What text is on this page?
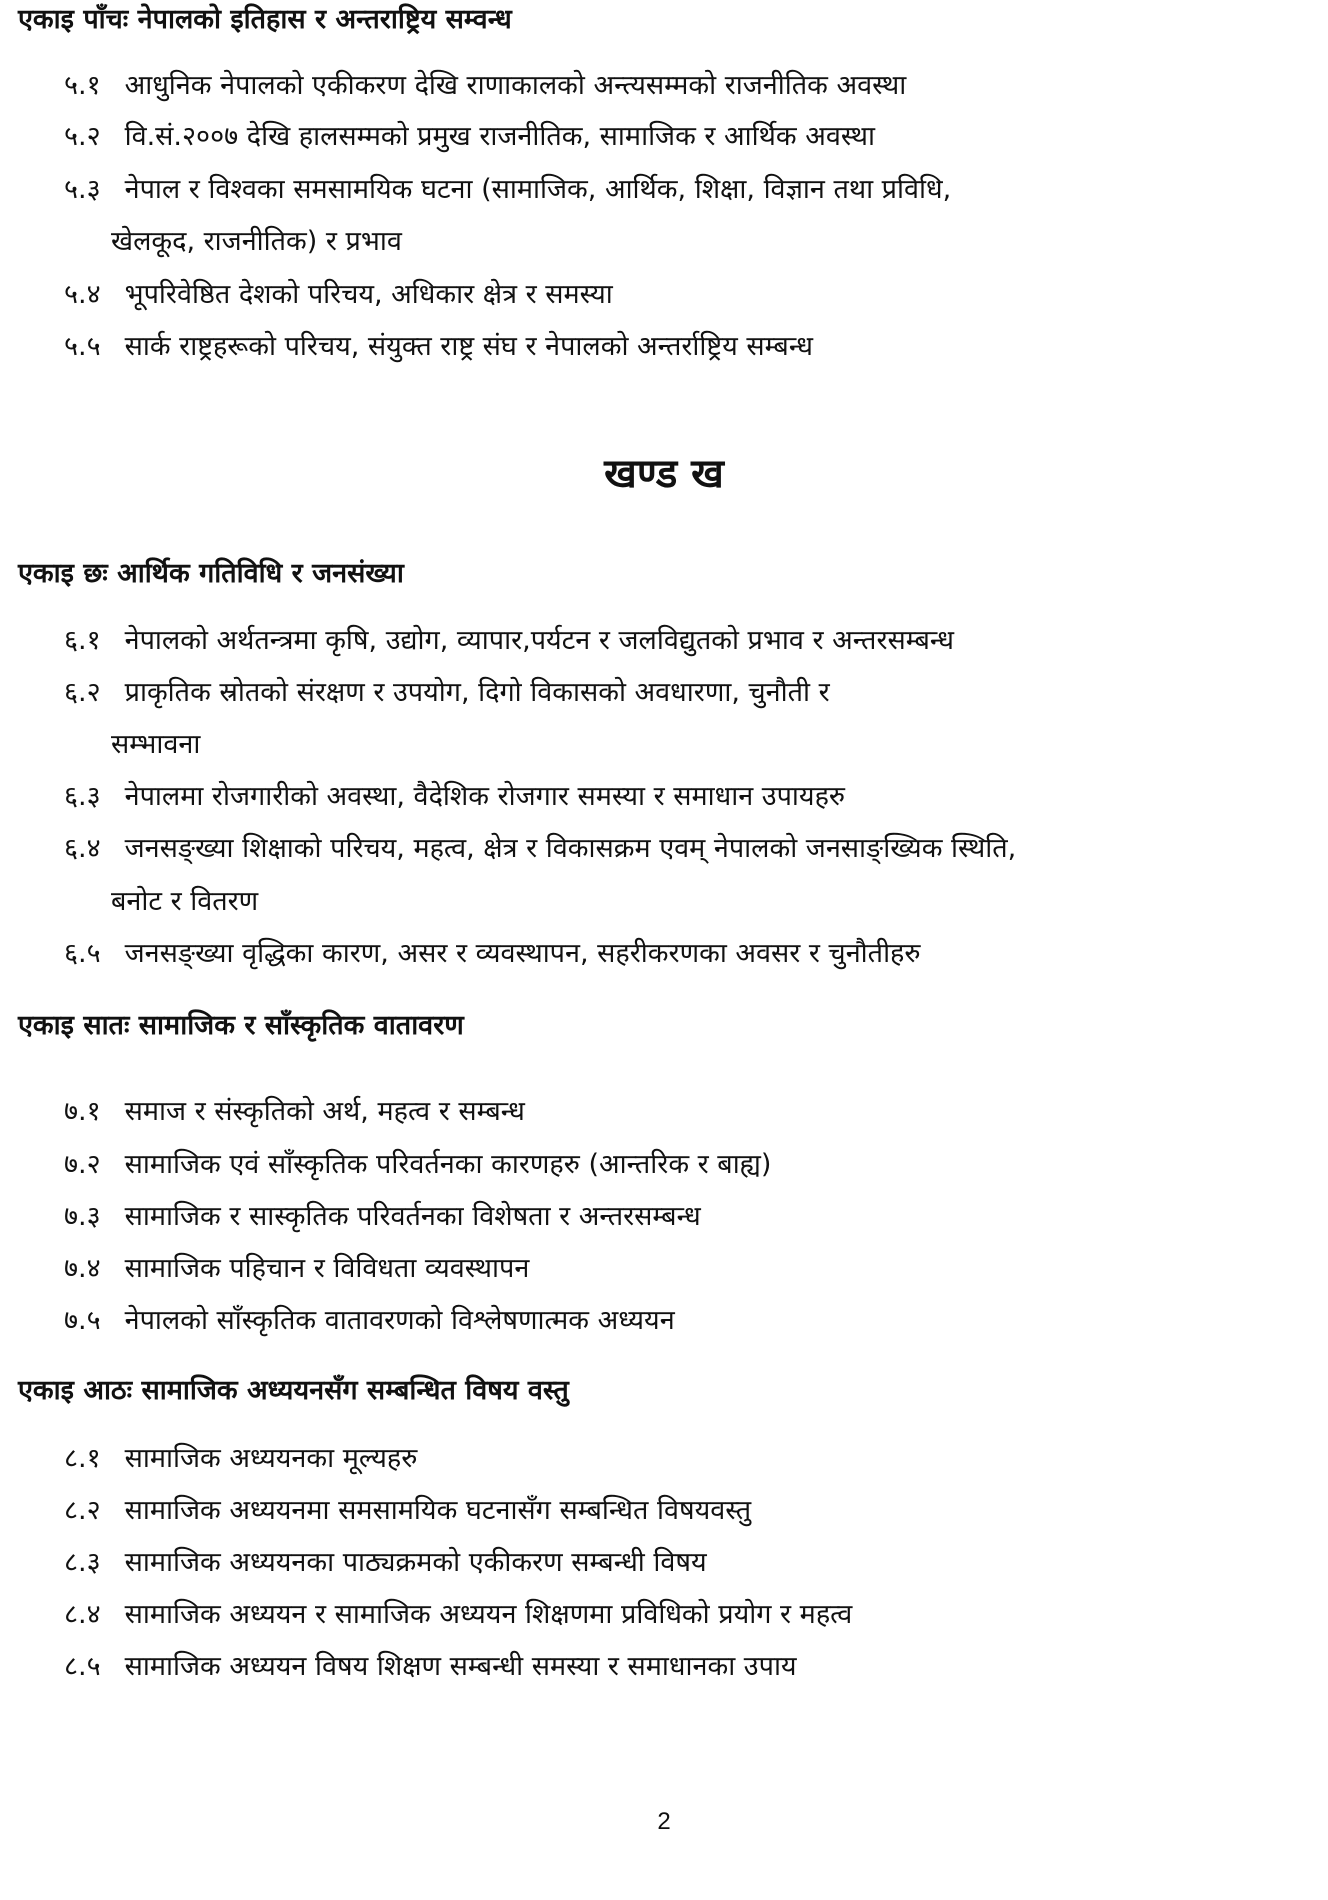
एकाइ पाँचः नेपालको इतिहास र अन्तराष्ट्रिय सम्वन्ध
५.१ आधुनिक नेपालको एकीकरण देखि राणाकालको अन्त्यसम्मको राजनीतिक अवस्था
५.२ वि.सं.२००७ देखि हालसम्मको प्रमुख राजनीतिक, सामाजिक र आर्थिक अवस्था
५.३ नेपाल र विश्वका समसामयिक घटना (सामाजिक, आर्थिक, शिक्षा, विज्ञान तथा प्रविधि,
खेलकूद, राजनीतिक) र प्रभाव
५.४ भूपरिवेष्ठित देशको परिचय, अधिकार क्षेत्र र समस्या
५.५ सार्क राष्ट्रहरूको परिचय, संयुक्त राष्ट्र संघ र नेपालको अन्तर्राष्ट्रिय सम्बन्ध
खण्ड ख
एकाइ छः आर्थिक गतिविधि र जनसंख्या
६.१ नेपालको अर्थतन्त्रमा कृषि, उद्योग, व्यापार,पर्यटन र जलविद्युतको प्रभाव र अन्तरसम्बन्ध
६.२ प्राकृतिक स्रोतको संरक्षण र उपयोग, दिगो विकासको अवधारणा, चुनौती र
सम्भावना
६.३ नेपालमा रोजगारीको अवस्था, वैदेशिक रोजगार समस्या र समाधान उपायहरु
६.४ जनसङ्ख्या शिक्षाको परिचय, महत्व, क्षेत्र र विकासक्रम एवम् नेपालको जनसाङ्ख्यिक स्थिति,
बनोट र वितरण
६.५ जनसङ्ख्या वृद्धिका कारण, असर र व्यवस्थापन, सहरीकरणका अवसर र चुनौतीहरु
एकाइ सातः सामाजिक र साँस्कृतिक वातावरण
७.१ समाज र संस्कृतिको अर्थ, महत्व र सम्बन्ध
७.२ सामाजिक एवं साँस्कृतिक परिवर्तनका कारणहरु (आन्तरिक र बाह्य)
७.३ सामाजिक र सास्कृतिक परिवर्तनका विशेषता र अन्तरसम्बन्ध
७.४ सामाजिक पहिचान र विविधता व्यवस्थापन
७.५ नेपालको साँस्कृतिक वातावरणको विश्लेषणात्मक अध्ययन
एकाइ आठः सामाजिक अध्ययनसँग सम्बन्धित विषय वस्तु
८.१ सामाजिक अध्ययनका मूल्यहरु
८.२ सामाजिक अध्ययनमा समसामयिक घटनासँग सम्बन्धित विषयवस्तु
८.३ सामाजिक अध्ययनका पाठ्यक्रमको एकीकरण सम्बन्धी विषय
८.४ सामाजिक अध्ययन र सामाजिक अध्ययन शिक्षणमा प्रविधिको प्रयोग र महत्व
८.५ सामाजिक अध्ययन विषय शिक्षण सम्बन्धी समस्या र समाधानका उपाय
2
